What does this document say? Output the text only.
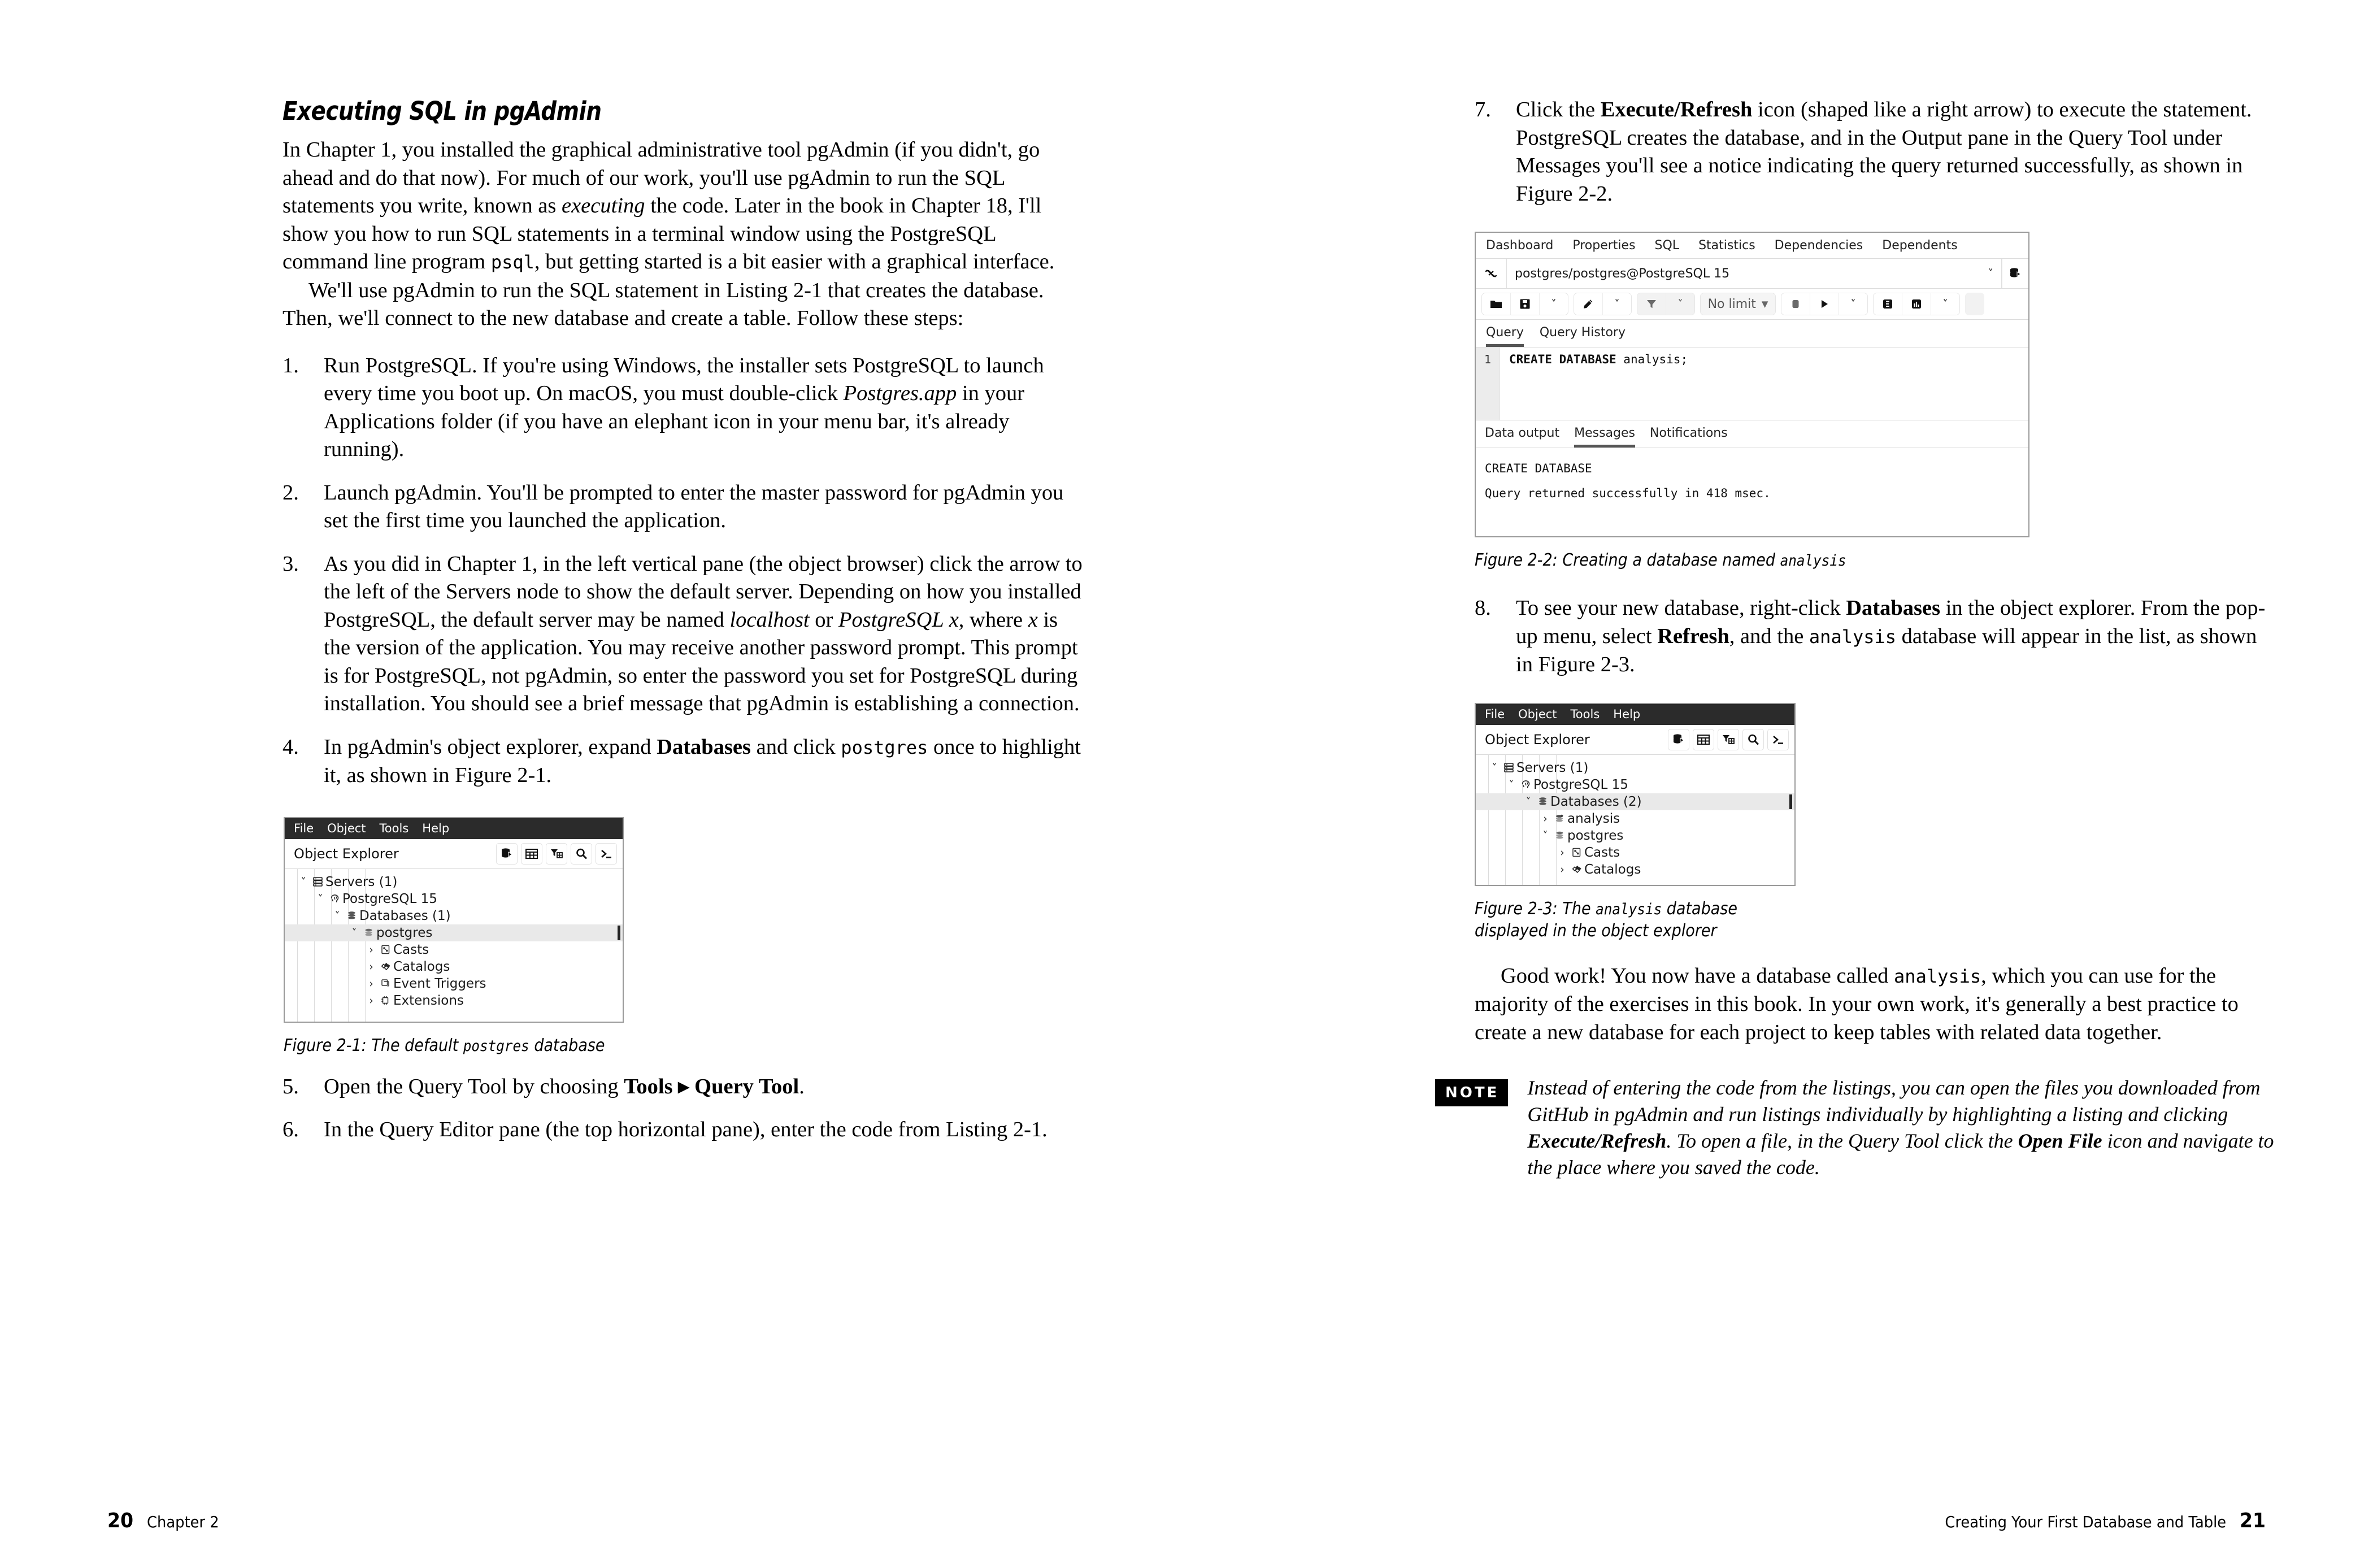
Executing SQL in pgAdmin

In Chapter 1, you installed the graphical administrative tool pgAdmin (if you didn't, go ahead and do that now). For much of our work, you'll use pgAdmin to run the SQL statements you write, known as executing the code. Later in the book in Chapter 18, I'll show you how to run SQL statements in a terminal window using the PostgreSQL command line program psql, but getting started is a bit easier with a graphical interface.

We'll use pgAdmin to run the SQL statement in Listing 2-1 that creates the database. Then, we'll connect to the new database and create a table. Follow these steps:

1.	Run PostgreSQL. If you're using Windows, the installer sets PostgreSQL to launch every time you boot up. On macOS, you must double-click Postgres.app in your Applications folder (if you have an elephant icon in your menu bar, it's already running).
2.	Launch pgAdmin. You'll be prompted to enter the master password for pgAdmin you set the first time you launched the application.
3.	As you did in Chapter 1, in the left vertical pane (the object browser) click the arrow to the left of the Servers node to show the default server. Depending on how you installed PostgreSQL, the default server may be named localhost or PostgreSQL x, where x is the version of the application. You may receive another password prompt. This prompt is for PostgreSQL, not pgAdmin, so enter the password you set for PostgreSQL during installation. You should see a brief message that pgAdmin is establishing a connection.
4.	In pgAdmin's object explorer, expand Databases and click postgres once to highlight it, as shown in Figure 2-1.
File Object Tools Help
Object Explorer
˅ Servers (1)
˅ PostgreSQL 15
˅ Databases (1)
˅ postgres
›	Casts
›	Catalogs
›	Event Triggers
›	Extensions
Figure 2-1: The default postgres database
5.	Open the Query Tool by choosing Tools ▸ Query Tool.
6.	In the Query Editor pane (the top horizontal pane), enter the code from Listing 2-1.
20 Chapter 2
7.	Click the Execute/Refresh icon (shaped like a right arrow) to execute the statement. PostgreSQL creates the database, and in the Output pane in the Query Tool under Messages you'll see a notice indicating the query returned successfully, as shown in Figure 2-2.
Dashboard Properties SQL Statistics Dependencies Dependents
postgres/postgres@PostgreSQL 15	˅
˅	˅	˅ No limit ▼	˅	˅
Query Query History
1	CREATE DATABASE analysis;
Data output Messages Notifications
CREATE DATABASE
Query returned successfully in 418 msec.
Figure 2-2: Creating a database named analysis
8.	To see your new database, right-click Databases in the object explorer. From the pop-up menu, select Refresh, and the analysis database will appear in the list, as shown in Figure 2-3.
File Object Tools Help
Object Explorer
˅ Servers (1)
˅ PostgreSQL 15
˅ Databases (2)
›	analysis
˅ postgres
›	Casts
›	Catalogs
Figure 2-3: The analysis database
displayed in the object explorer

Good work! You now have a database called analysis, which you can use for the majority of the exercises in this book. In your own work, it's generally a best practice to create a new database for each project to keep tables with related data together.

NOTE	Instead of entering the code from the listings, you can open the files you downloaded from GitHub in pgAdmin and run listings individually by highlighting a listing and clicking Execute/Refresh. To open a file, in the Query Tool click the Open File icon and navigate to the place where you saved the code.
Creating Your First Database and Table 21
